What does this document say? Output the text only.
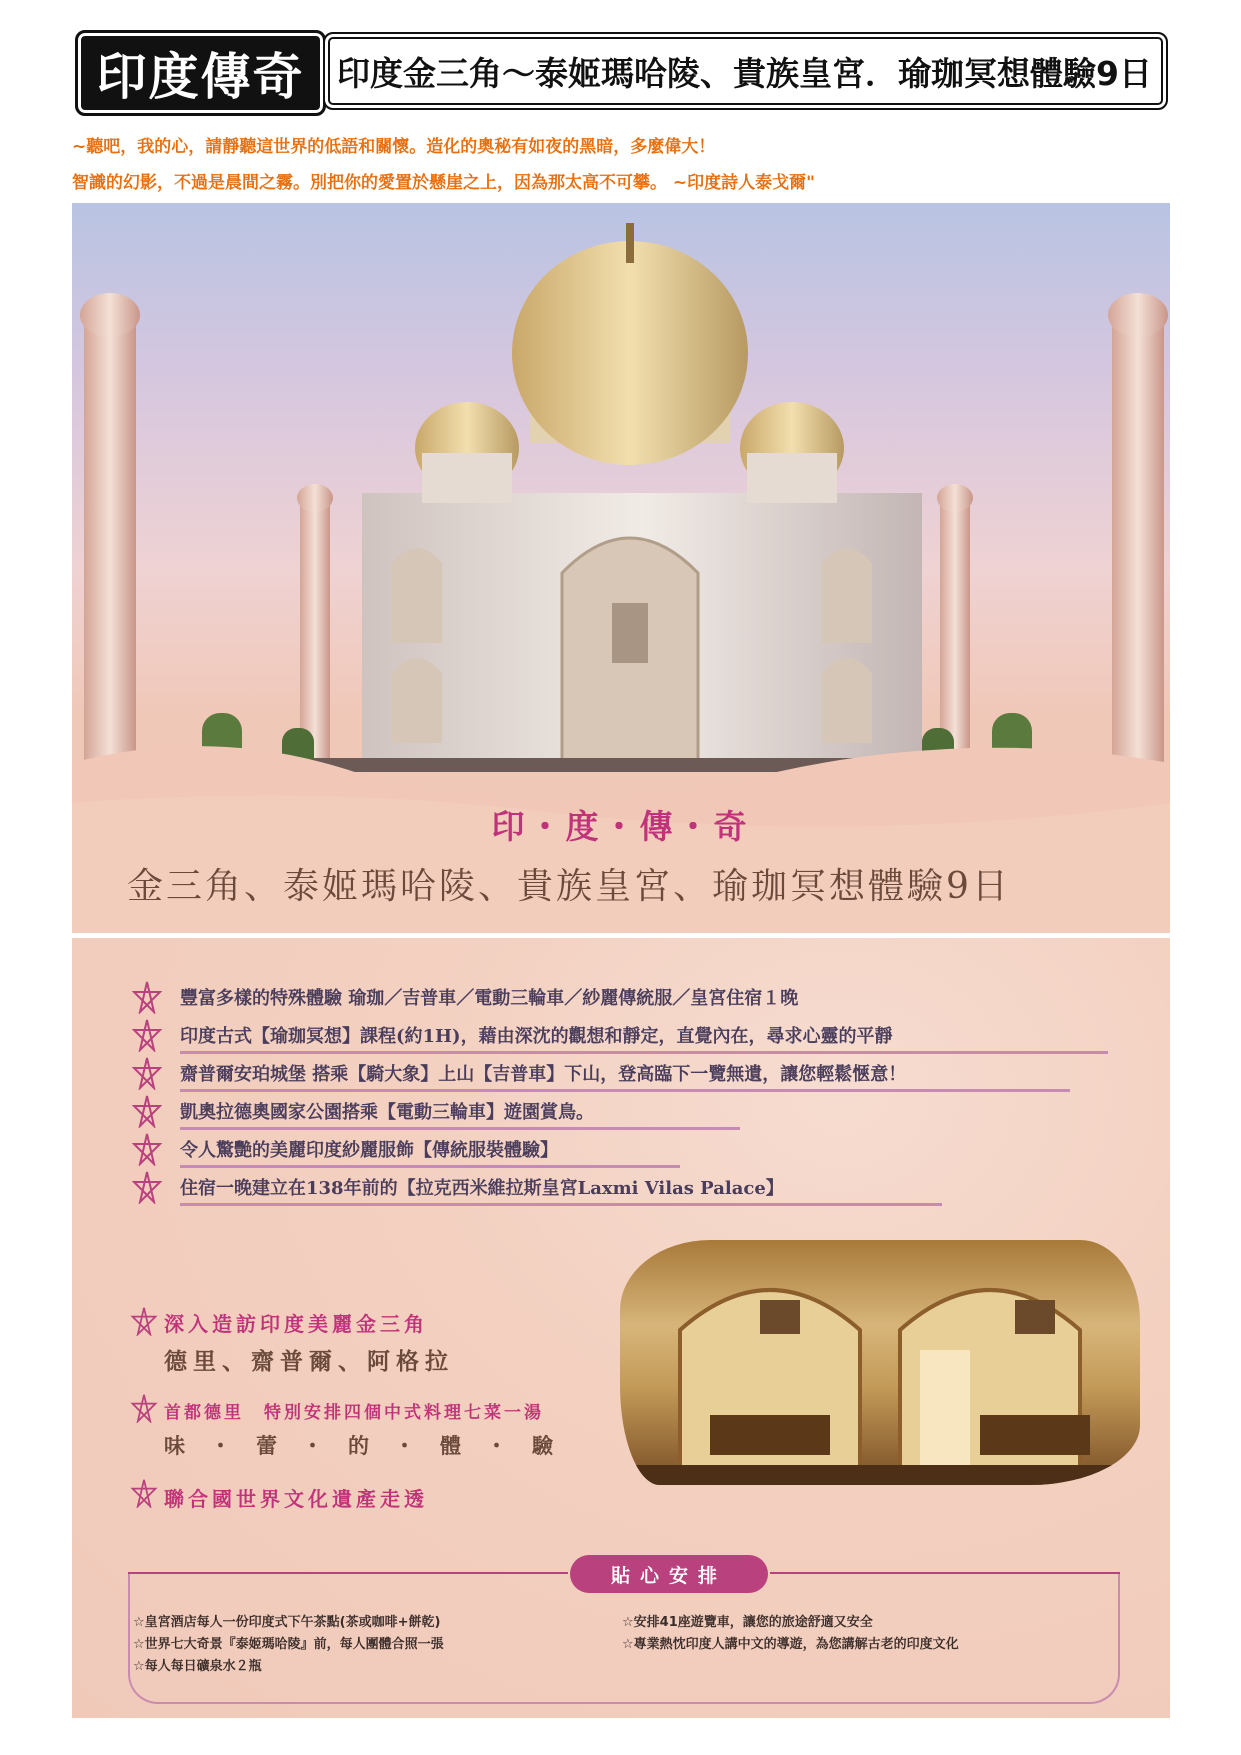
印度傳奇 印度金三角～泰姬瑪哈陵、貴族皇宮．瑜珈冥想體驗9日
~聽吧，我的心，請靜聽這世界的低語和關懷。造化的奧秘有如夜的黑暗，多麼偉大！
智識的幻影，不過是晨間之霧。別把你的愛置於懸崖之上，因為那太高不可攀。 ~印度詩人泰戈爾"
印・度・傳・奇
金三角、泰姬瑪哈陵、貴族皇宮、瑜珈冥想體驗9日
豐富多樣的特殊體驗 瑜珈／吉普車／電動三輪車／紗麗傳統服／皇宮住宿１晚
印度古式【瑜珈冥想】課程(約1H)，藉由深沈的觀想和靜定，直覺內在，尋求心靈的平靜
齋普爾安珀城堡 搭乘【騎大象】上山【吉普車】下山，登高臨下一覽無遺，讓您輕鬆愜意！
凱奧拉德奧國家公園搭乘【電動三輪車】遊園賞鳥。
令人驚艷的美麗印度紗麗服飾【傳統服裝體驗】
住宿一晚建立在138年前的【拉克西米維拉斯皇宮Laxmi Vilas Palace】
深入造訪印度美麗金三角
德里、齋普爾、阿格拉
首都德里　特別安排四個中式料理七菜一湯
味　・　蕾　・　的　・　體　・　驗
聯合國世界文化遺產走透
貼心安排
☆皇宮酒店每人一份印度式下午茶點(茶或咖啡+餅乾)
☆世界七大奇景『泰姬瑪哈陵』前，每人團體合照一張
☆每人每日礦泉水２瓶
☆安排41座遊覽車，讓您的旅途舒適又安全
☆專業熱忱印度人講中文的導遊，為您講解古老的印度文化
